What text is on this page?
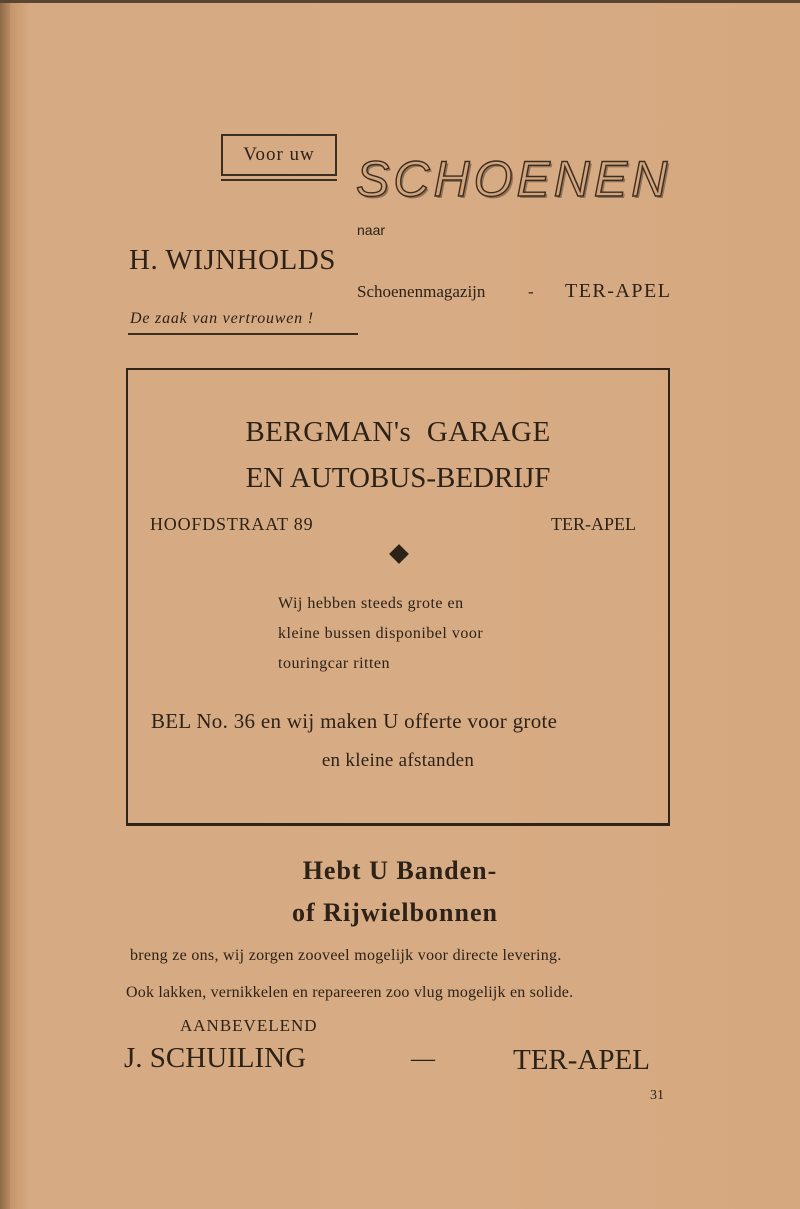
Voor uw SCHOENEN
naar
H. WIJNHOLDS
Schoenenmagazijn	- TER-APEL
De zaak van vertrouwen !
BERGMAN's  GARAGE
EN AUTOBUS-BEDRIJF
HOOFDSTRAAT 89	TER-APEL
Wij hebben steeds grote en
kleine bussen disponibel voor
touringcar ritten
BEL No. 36 en wij maken U offerte voor grote
en kleine afstanden
Hebt U Banden-
of Rijwielbonnen
breng ze ons, wij zorgen zooveel mogelijk voor directe levering.
Ook lakken, vernikkelen en repareeren zoo vlug mogelijk en solide.
AANBEVELEND
J. SCHUILING	—	TER-APEL
31
